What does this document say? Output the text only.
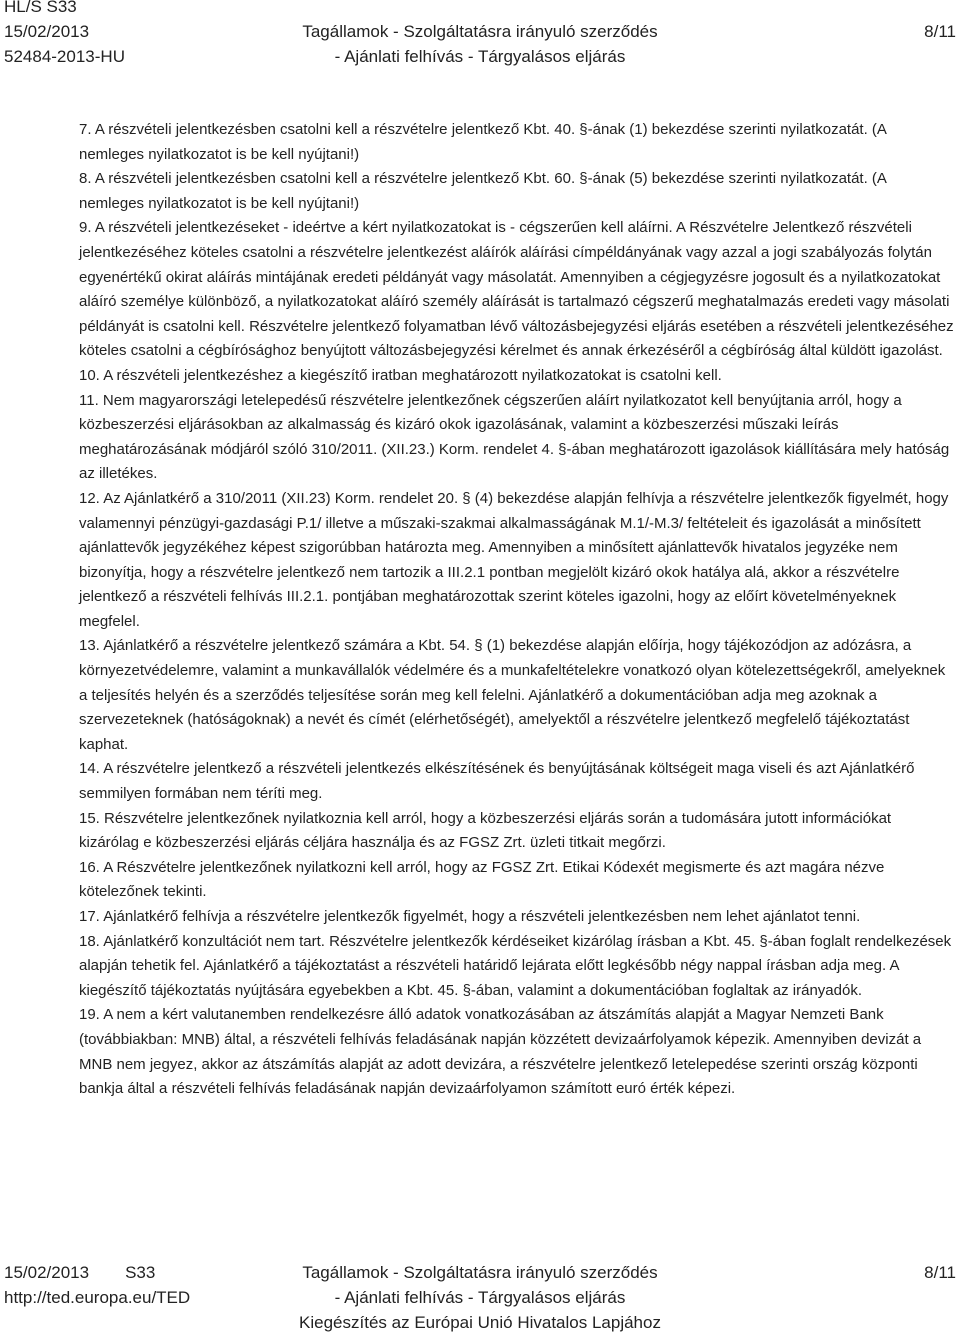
HL/S S33
15/02/2013
52484-2013-HU
Tagállamok - Szolgáltatásra irányuló szerződés
- Ajánlati felhívás - Tárgyalásos eljárás
8/11

7. A részvételi jelentkezésben csatolni kell a részvételre jelentkező Kbt. 40. §-ának (1) bekezdése szerinti nyilatkozatát. (A nemleges nyilatkozatot is be kell nyújtani!)

8. A részvételi jelentkezésben csatolni kell a részvételre jelentkező Kbt. 60. §-ának (5) bekezdése szerinti nyilatkozatát. (A nemleges nyilatkozatot is be kell nyújtani!)

9. A részvételi jelentkezéseket - ideértve a kért nyilatkozatokat is - cégszerűen kell aláírni. A Részvételre Jelentkező részvételi jelentkezéséhez köteles csatolni a részvételre jelentkezést aláírók aláírási címpéldányának vagy azzal a jogi szabályozás folytán egyenértékű okirat aláírás mintájának eredeti példányát vagy másolatát. Amennyiben a cégjegyzésre jogosult és a nyilatkozatokat aláíró személye különböző, a nyilatkozatokat aláíró személy aláírását is tartalmazó cégszerű meghatalmazás eredeti vagy másolati példányát is csatolni kell. Részvételre jelentkező folyamatban lévő változásbejegyzési eljárás esetében a részvételi jelentkezéséhez köteles csatolni a cégbírósághoz benyújtott változásbejegyzési kérelmet és annak érkezéséről a cégbíróság által küldött igazolást.

10. A részvételi jelentkezéshez a kiegészítő iratban meghatározott nyilatkozatokat is csatolni kell.

11. Nem magyarországi letelepedésű részvételre jelentkezőnek cégszerűen aláírt nyilatkozatot kell benyújtania arról, hogy a közbeszerzési eljárásokban az alkalmasság és kizáró okok igazolásának, valamint a közbeszerzési műszaki leírás meghatározásának módjáról szóló 310/2011. (XII.23.) Korm. rendelet 4. §-ában meghatározott igazolások kiállítására mely hatóság az illetékes.

12. Az Ajánlatkérő a 310/2011 (XII.23) Korm. rendelet 20. § (4) bekezdése alapján felhívja a részvételre jelentkezők figyelmét, hogy valamennyi pénzügyi-gazdasági P.1/ illetve a műszaki-szakmai alkalmasságának M.1/-M.3/ feltételeit és igazolását a minősített ajánlattevők jegyzékéhez képest szigorúbban határozta meg. Amennyiben a minősített ajánlattevők hivatalos jegyzéke nem bizonyítja, hogy a részvételre jelentkező nem tartozik a III.2.1 pontban megjelölt kizáró okok hatálya alá, akkor a részvételre jelentkező a részvételi felhívás III.2.1. pontjában meghatározottak szerint köteles igazolni, hogy az előírt követelményeknek megfelel.

13. Ajánlatkérő a részvételre jelentkező számára a Kbt. 54. § (1) bekezdése alapján előírja, hogy tájékozódjon az adózásra, a környezetvédelemre, valamint a munkavállalók védelmére és a munkafeltételekre vonatkozó olyan kötelezettségekről, amelyeknek a teljesítés helyén és a szerződés teljesítése során meg kell felelni. Ajánlatkérő a dokumentációban adja meg azoknak a szervezeteknek (hatóságoknak) a nevét és címét (elérhetőségét), amelyektől a részvételre jelentkező megfelelő tájékoztatást kaphat.

14. A részvételre jelentkező a részvételi jelentkezés elkészítésének és benyújtásának költségeit maga viseli és azt Ajánlatkérő semmilyen formában nem téríti meg.

15. Részvételre jelentkezőnek nyilatkoznia kell arról, hogy a közbeszerzési eljárás során a tudomására jutott információkat kizárólag e közbeszerzési eljárás céljára használja és az FGSZ Zrt. üzleti titkait megőrzi.

16. A Részvételre jelentkezőnek nyilatkozni kell arról, hogy az FGSZ Zrt. Etikai Kódexét megismerte és azt magára nézve kötelezőnek tekinti.

17. Ajánlatkérő felhívja a részvételre jelentkezők figyelmét, hogy a részvételi jelentkezésben nem lehet ajánlatot tenni.

18. Ajánlatkérő konzultációt nem tart. Részvételre jelentkezők kérdéseiket kizárólag írásban a Kbt. 45. §-ában foglalt rendelkezések alapján tehetik fel. Ajánlatkérő a tájékoztatást a részvételi határidő lejárata előtt legkésőbb négy nappal írásban adja meg. A kiegészítő tájékoztatás nyújtására egyebekben a Kbt. 45. §-ában, valamint a dokumentációban foglaltak az irányadók.

19. A nem a kért valutanemben rendelkezésre álló adatok vonatkozásában az átszámítás alapját a Magyar Nemzeti Bank (továbbiakban: MNB) által, a részvételi felhívás feladásának napján közzétett devizaárfolyamok képezik. Amennyiben devizát a MNB nem jegyez, akkor az átszámítás alapját az adott devizára, a részvételre jelentkező letelepedése szerinti ország központi bankja által a részvételi felhívás feladásának napján devizaárfolyamon számított euró érték képezi.

15/02/2013 S33
http://ted.europa.eu/TED
Tagállamok - Szolgáltatásra irányuló szerződés
- Ajánlati felhívás - Tárgyalásos eljárás
Kiegészítés az Európai Unió Hivatalos Lapjához
8/11
